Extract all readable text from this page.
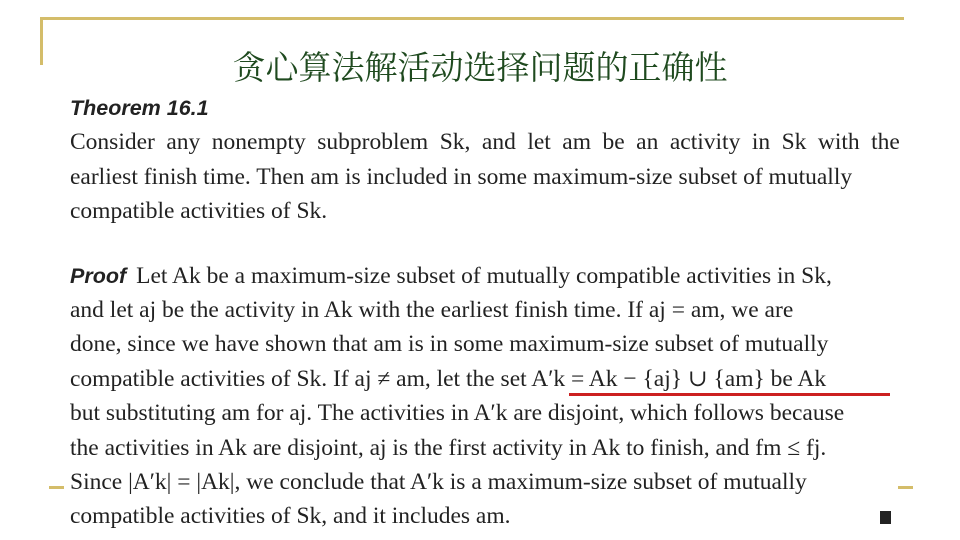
贪心算法解活动选择问题的正确性
Theorem 16.1
Consider any nonempty subproblem Sk, and let am be an activity in Sk with the
earliest finish time. Then am is included in some maximum-size subset of mutually
compatible activities of Sk.
Proof Let Ak be a maximum-size subset of mutually compatible activities in Sk,
and let aj be the activity in Ak with the earliest finish time. If aj = am, we are
done, since we have shown that am is in some maximum-size subset of mutually
compatible activities of Sk. If aj ≠ am, let the set A′k = Ak − {aj} ∪ {am} be Ak
but substituting am for aj. The activities in A′k are disjoint, which follows because
the activities in Ak are disjoint, aj is the first activity in Ak to finish, and fm ≤ fj.
Since |A′k| = |Ak|, we conclude that A′k is a maximum-size subset of mutually
compatible activities of Sk, and it includes am.
